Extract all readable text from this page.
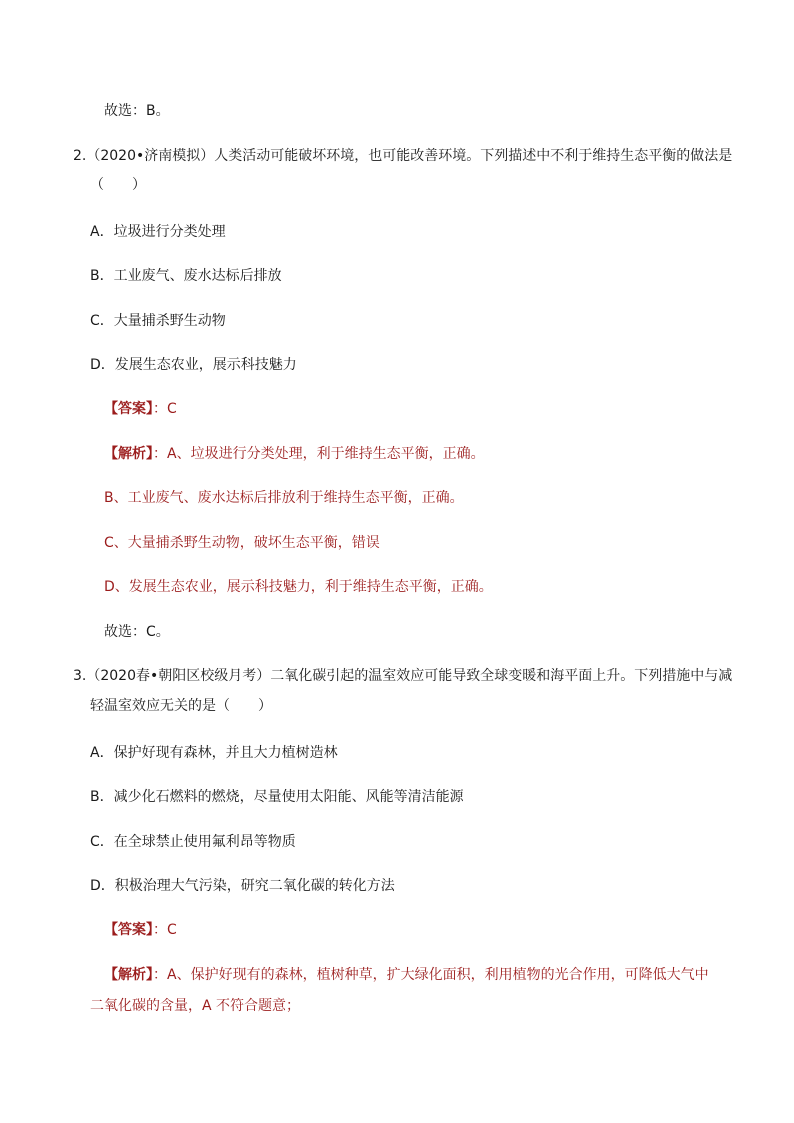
故选：B。
2.（2020•济南模拟）人类活动可能破坏环境，也可能改善环境。下列描述中不利于维持生态平衡的做法是
（　　）
A．垃圾进行分类处理
B．工业废气、废水达标后排放
C．大量捕杀野生动物
D．发展生态农业，展示科技魅力
【答案】：C
【解析】：A、垃圾进行分类处理，利于维持生态平衡，正确。
B、工业废气、废水达标后排放利于维持生态平衡，正确。
C、大量捕杀野生动物，破坏生态平衡，错误
D、发展生态农业，展示科技魅力，利于维持生态平衡，正确。
故选：C。
3.（2020春•朝阳区校级月考）二氧化碳引起的温室效应可能导致全球变暖和海平面上升。下列措施中与减
轻温室效应无关的是（　　）
A．保护好现有森林，并且大力植树造林
B．减少化石燃料的燃烧，尽量使用太阳能、风能等清洁能源
C．在全球禁止使用氟利昂等物质
D．积极治理大气污染，研究二氧化碳的转化方法
【答案】：C
【解析】：A、保护好现有的森林，植树种草，扩大绿化面积，利用植物的光合作用，可降低大气中
二氧化碳的含量，A 不符合题意；
